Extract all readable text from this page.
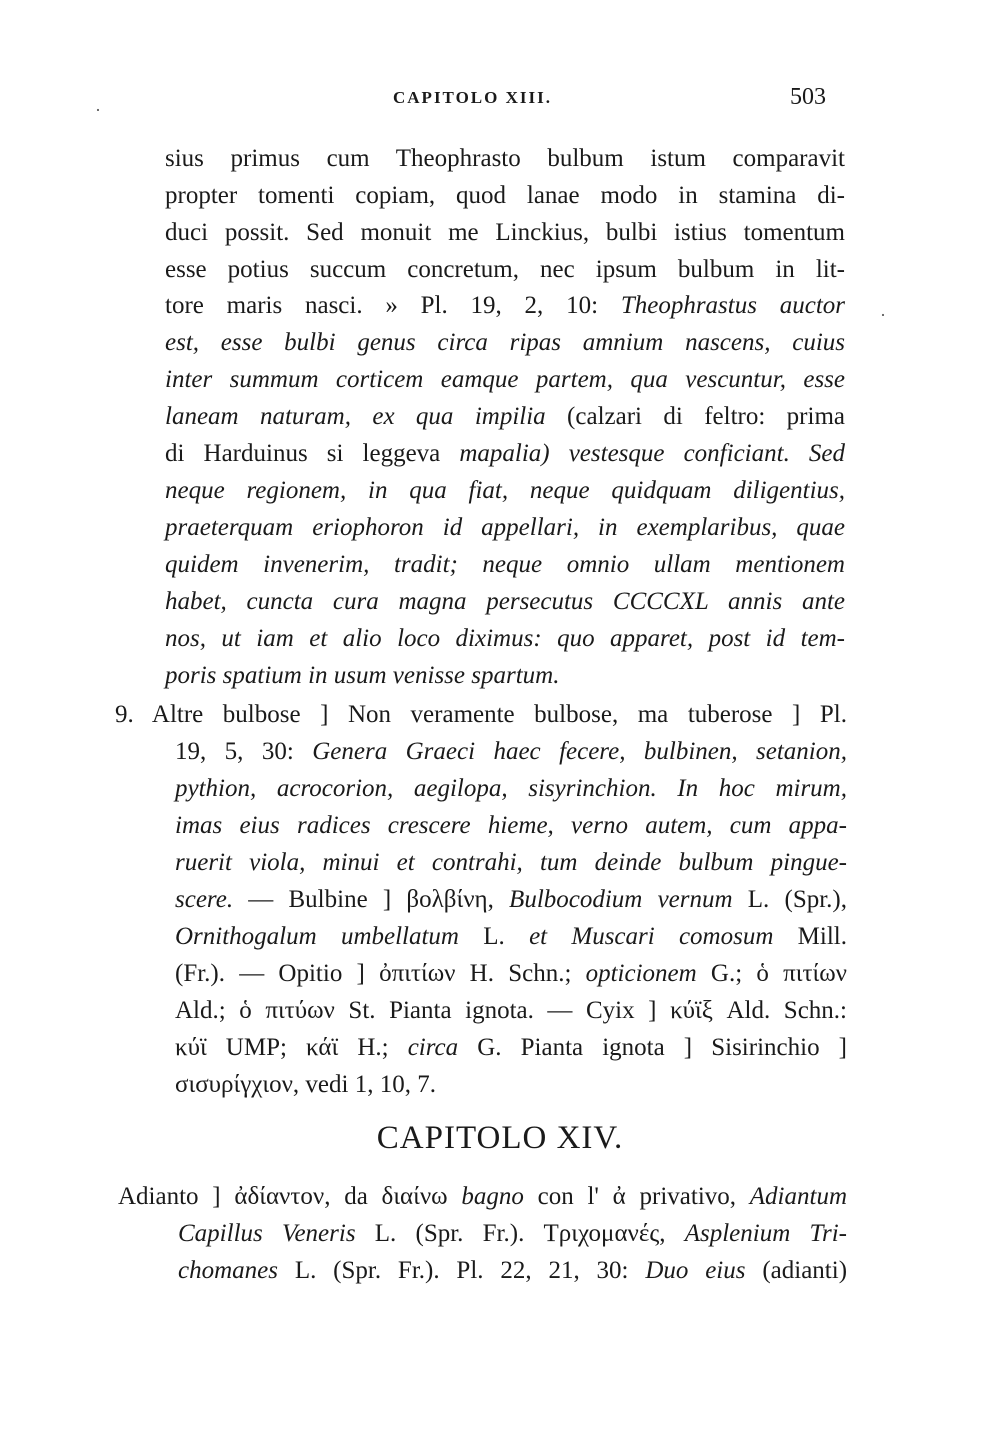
CAPITOLO XIII.	503
·
·
sius primus cum Theophrasto bulbum istum comparavit
propter tomenti copiam, quod lanae modo in stamina di-
duci possit. Sed monuit me Linckius, bulbi istius tomentum
esse potius succum concretum, nec ipsum bulbum in lit-
tore maris nasci. » Pl. 19, 2, 10: Theophrastus auctor
est, esse bulbi genus circa ripas amnium nascens, cuius
inter summum corticem eamque partem, qua vescuntur, esse
laneam naturam, ex qua impilia (calzari di feltro: prima
di Harduinus si leggeva mapalia) vestesque conficiant. Sed
neque regionem, in qua fiat, neque quidquam diligentius,
praeterquam eriophoron id appellari, in exemplaribus, quae
quidem invenerim, tradit; neque omnio ullam mentionem
habet, cuncta cura magna persecutus CCCCXL annis ante
nos, ut iam et alio loco diximus: quo apparet, post id tem-
poris spatium in usum venisse spartum.
9. Altre bulbose ] Non veramente bulbose, ma tuberose ] Pl.
19, 5, 30: Genera Graeci haec fecere, bulbinen, setanion,
pythion, acrocorion, aegilopa, sisyrinchion. In hoc mirum,
imas eius radices crescere hieme, verno autem, cum appa-
ruerit viola, minui et contrahi, tum deinde bulbum pingue-
scere. — Bulbine ] βολβίνη, Bulbocodium vernum L. (Spr.),
Ornithogalum umbellatum L. et Muscari comosum Mill.
(Fr.). — Opitio ] ὀπιτίων H. Schn.; opticionem G.; ὁ πιτίων
Ald.; ὁ πιτύων St. Pianta ignota. — Cyix ] κύϊξ Ald. Schn.:
κύϊ UMP; κάϊ H.; circa G. Pianta ignota ] Sisirinchio ]
σισυρίγχιον, vedi 1, 10, 7.
CAPITOLO XIV.
Adianto ] ἀδίαντον, da διαίνω bagno con l' ἀ privativo, Adiantum
Capillus Veneris L. (Spr. Fr.). Τριχομανές, Asplenium Tri-
chomanes L. (Spr. Fr.). Pl. 22, 21, 30: Duo eius (adianti)
